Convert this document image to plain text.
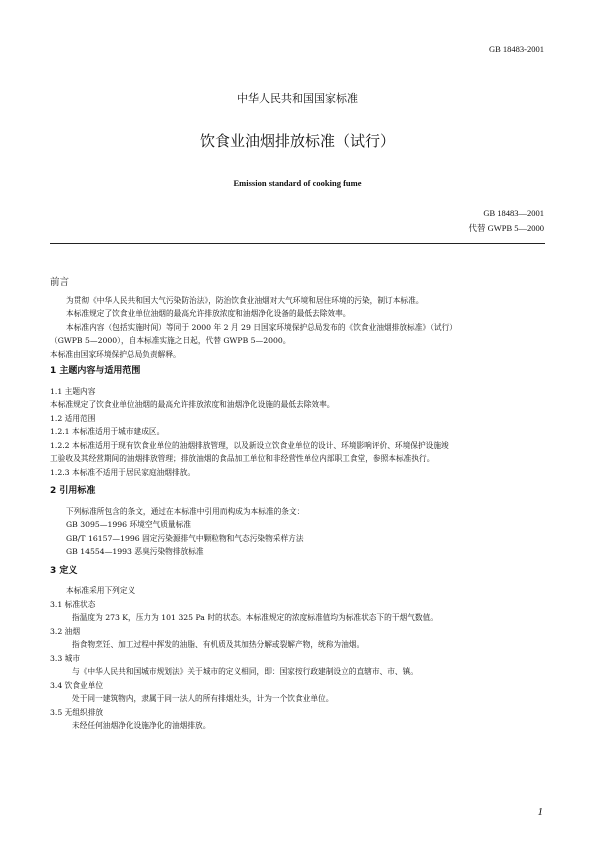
GB 18483-2001
中华人民共和国国家标准
饮食业油烟排放标准（试行）
Emission standard of cooking fume
GB 18483—2001
代替 GWPB 5—2000
前言
为贯彻《中华人民共和国大气污染防治法》，防治饮食业油烟对大气环境和居住环境的污染，制订本标准。
本标准规定了饮食业单位油烟的最高允许排放浓度和油烟净化设备的最低去除效率。
本标准内容（包括实施时间）等同于 2000 年 2 月 29 日国家环境保护总局发布的《饮食业油烟排放标准》（试行）
（GWPB 5—2000），自本标准实施之日起，代替 GWPB 5—2000。
本标准由国家环境保护总局负责解释。
1 主题内容与适用范围
1.1 主题内容
本标准规定了饮食业单位油烟的最高允许排放浓度和油烟净化设施的最低去除效率。
1.2 适用范围
1.2.1 本标准适用于城市建成区。
1.2.2 本标准适用于现有饮食业单位的油烟排放管理，以及新设立饮食业单位的设计、环境影响评价、环境保护设施竣
工验收及其经营期间的油烟排放管理；排放油烟的食品加工单位和非经营性单位内部职工食堂，参照本标准执行。
1.2.3 本标准不适用于居民家庭油烟排放。
2 引用标准
下列标准所包含的条文，通过在本标准中引用而构成为本标准的条文：
GB 3095—1996 环境空气质量标准
GB/T 16157—1996 固定污染源排气中颗粒物和气态污染物采样方法
GB 14554—1993 恶臭污染物排放标准
3 定义
本标准采用下列定义
3.1 标准状态
指温度为 273 K，压力为 101 325 Pa 时的状态。本标准规定的浓度标准值均为标准状态下的干烟气数值。
3.2 油烟
指食物烹饪、加工过程中挥发的油脂、有机质及其加热分解或裂解产物，统称为油烟。
3.3 城市
与《中华人民共和国城市规划法》关于城市的定义相同，即：国家按行政建制设立的直辖市、市、镇。
3.4 饮食业单位
处于同一建筑物内，隶属于同一法人的所有排烟灶头，计为一个饮食业单位。
3.5 无组织排放
未经任何油烟净化设施净化的油烟排放。
1
